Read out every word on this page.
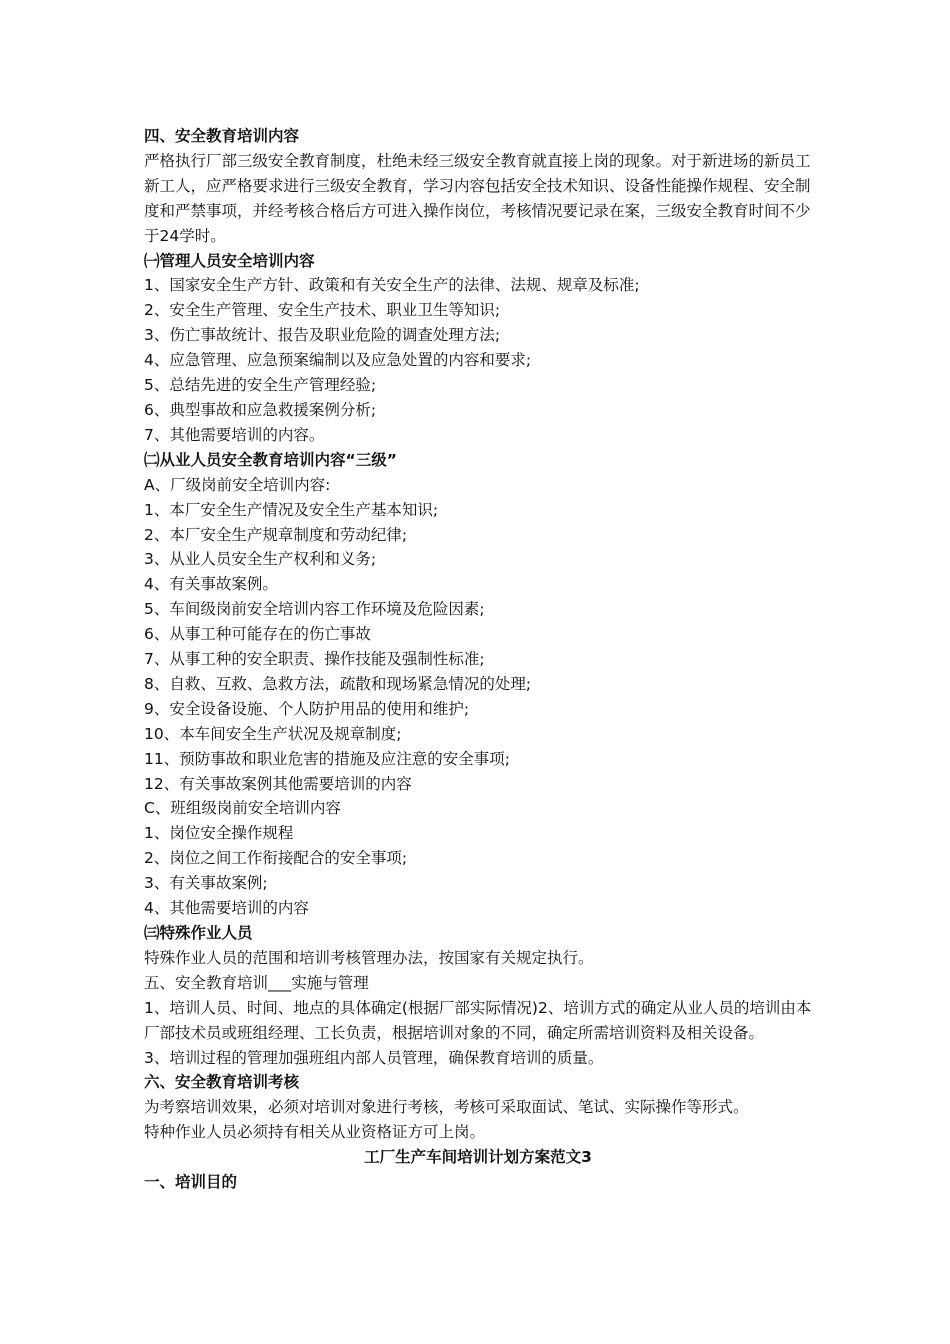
四、安全教育培训内容
严格执行厂部三级安全教育制度，杜绝未经三级安全教育就直接上岗的现象。对于新进场的新员工新工人，应严格要求进行三级安全教育，学习内容包括安全技术知识、设备性能操作规程、安全制度和严禁事项，并经考核合格后方可进入操作岗位，考核情况要记录在案，三级安全教育时间不少于24学时。
㈠管理人员安全培训内容
1、国家安全生产方针、政策和有关安全生产的法律、法规、规章及标准;
2、安全生产管理、安全生产技术、职业卫生等知识;
3、伤亡事故统计、报告及职业危险的调查处理方法;
4、应急管理、应急预案编制以及应急处置的内容和要求;
5、总结先进的安全生产管理经验;
6、典型事故和应急救援案例分析;
7、其他需要培训的内容。
㈡从业人员安全教育培训内容“三级”
A、厂级岗前安全培训内容:
1、本厂安全生产情况及安全生产基本知识;
2、本厂安全生产规章制度和劳动纪律;
3、从业人员安全生产权利和义务;
4、有关事故案例。
5、车间级岗前安全培训内容工作环境及危险因素;
6、从事工种可能存在的伤亡事故
7、从事工种的安全职责、操作技能及强制性标准;
8、自救、互救、急救方法，疏散和现场紧急情况的处理;
9、安全设备设施、个人防护用品的使用和维护;
10、本车间安全生产状况及规章制度;
11、预防事故和职业危害的措施及应注意的安全事项;
12、有关事故案例其他需要培训的内容
C、班组级岗前安全培训内容
1、岗位安全操作规程
2、岗位之间工作衔接配合的安全事项;
3、有关事故案例;
4、其他需要培训的内容
㈢特殊作业人员
特殊作业人员的范围和培训考核管理办法，按国家有关规定执行。
五、安全教育培训___实施与管理
1、培训人员、时间、地点的具体确定(根据厂部实际情况)2、培训方式的确定从业人员的培训由本厂部技术员或班组经理、工长负责，根据培训对象的不同，确定所需培训资料及相关设备。
3、培训过程的管理加强班组内部人员管理，确保教育培训的质量。
六、安全教育培训考核
为考察培训效果，必须对培训对象进行考核，考核可采取面试、笔试、实际操作等形式。
特种作业人员必须持有相关从业资格证方可上岗。
工厂生产车间培训计划方案范文3
一、培训目的
